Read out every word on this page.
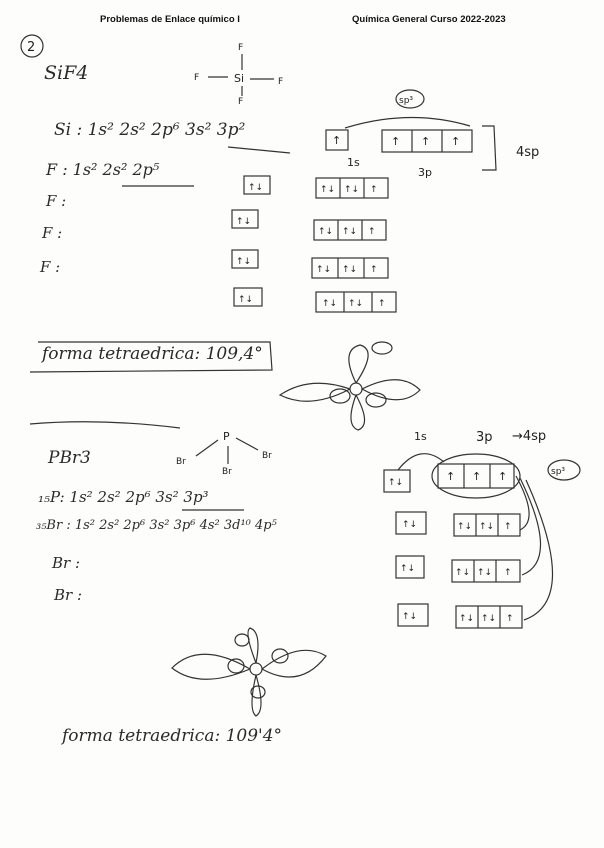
Problemas de Enlace químico I	Química General Curso 2022-2023
2
Si
F
F	F
F	sp³
↑	↑ ↑ ↑
1s
3p
4sp
↑↓	↑↓ ↑↓ ↑
↑↓
↑↓ ↑↓ ↑
↑↓
↑↓ ↑↓ ↑
↑↓	↑↓ ↑↓ ↑
P
Br
Br
Br
1s	3p →4sp
sp³
↑↓	↑ ↑ ↑
↑↓	↑↓ ↑↓ ↑
↑↓	↑↓ ↑↓ ↑
↑↓	↑↓ ↑↓ ↑
SiF4
Si : 1s² 2s² 2p⁶ 3s² 3p²
F : 1s² 2s² 2p⁵
F :
F :
F :
forma tetraedrica: 109,4°
PBr3
₁₅P: 1s² 2s² 2p⁶ 3s² 3p³
₃₅Br : 1s² 2s² 2p⁶ 3s² 3p⁶ 4s² 3d¹⁰ 4p⁵
Br :
Br :
forma tetraedrica: 109'4°
